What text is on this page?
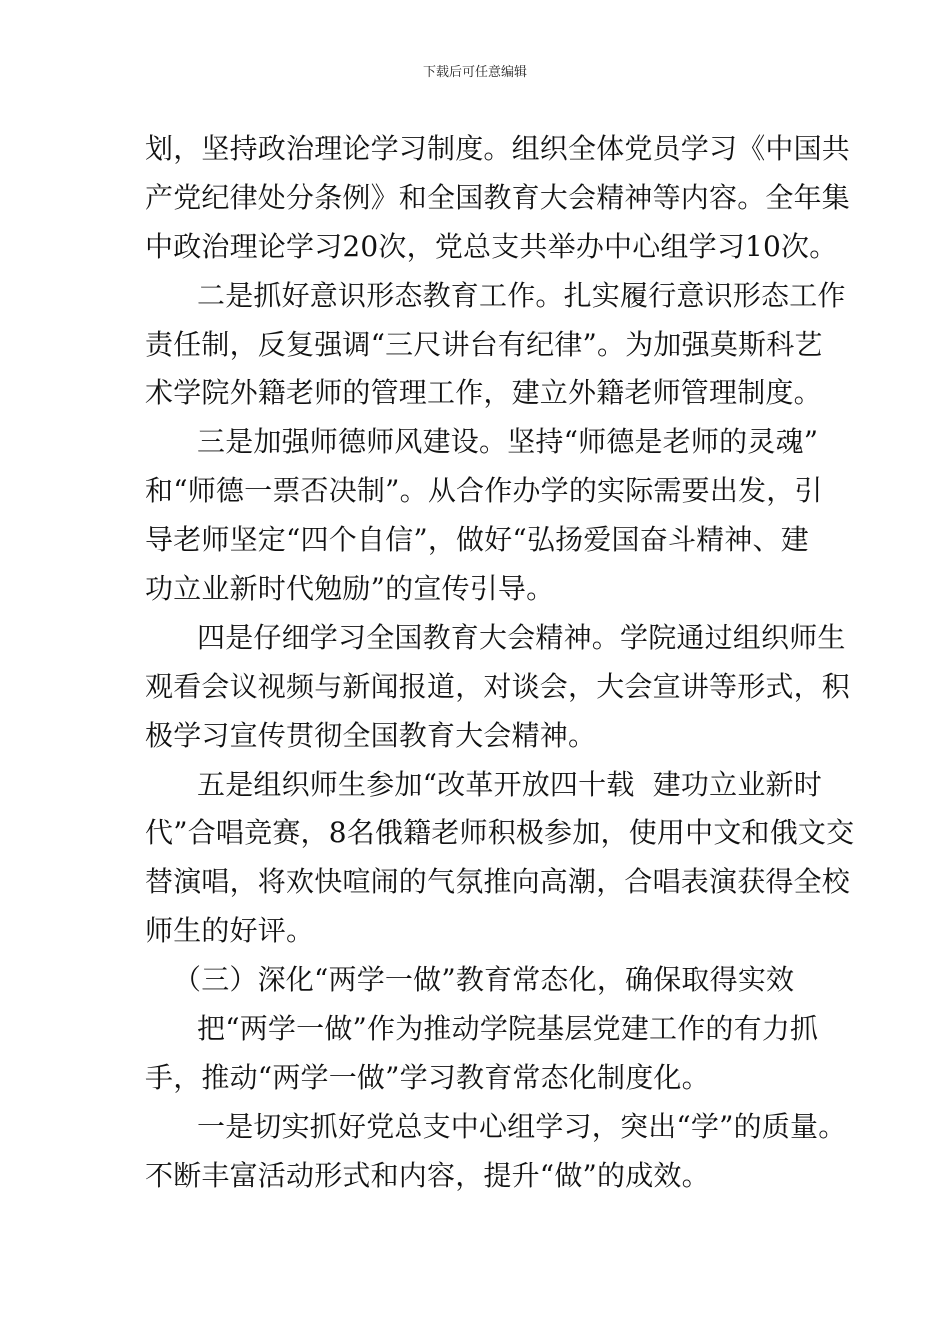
下载后可任意编辑
划，坚持政治理论学习制度。组织全体党员学习《中国共
产党纪律处分条例》和全国教育大会精神等内容。全年集
中政治理论学习20次，党总支共举办中心组学习10次。
二是抓好意识形态教育工作。扎实履行意识形态工作
责任制，反复强调“三尺讲台有纪律”。为加强莫斯科艺
术学院外籍老师的管理工作，建立外籍老师管理制度。
三是加强师德师风建设。坚持“师德是老师的灵魂”
和“师德一票否决制”。从合作办学的实际需要出发，引
导老师坚定“四个自信”，做好“弘扬爱国奋斗精神、建
功立业新时代勉励”的宣传引导。
四是仔细学习全国教育大会精神。学院通过组织师生
观看会议视频与新闻报道，对谈会，大会宣讲等形式，积
极学习宣传贯彻全国教育大会精神。
五是组织师生参加“改革开放四十载  建功立业新时
代”合唱竞赛，8名俄籍老师积极参加，使用中文和俄文交
替演唱，将欢快喧闹的气氛推向高潮，合唱表演获得全校
师生的好评。
（三）深化“两学一做”教育常态化，确保取得实效
把“两学一做”作为推动学院基层党建工作的有力抓
手，推动“两学一做”学习教育常态化制度化。
一是切实抓好党总支中心组学习，突出“学”的质量。
不断丰富活动形式和内容，提升“做”的成效。
